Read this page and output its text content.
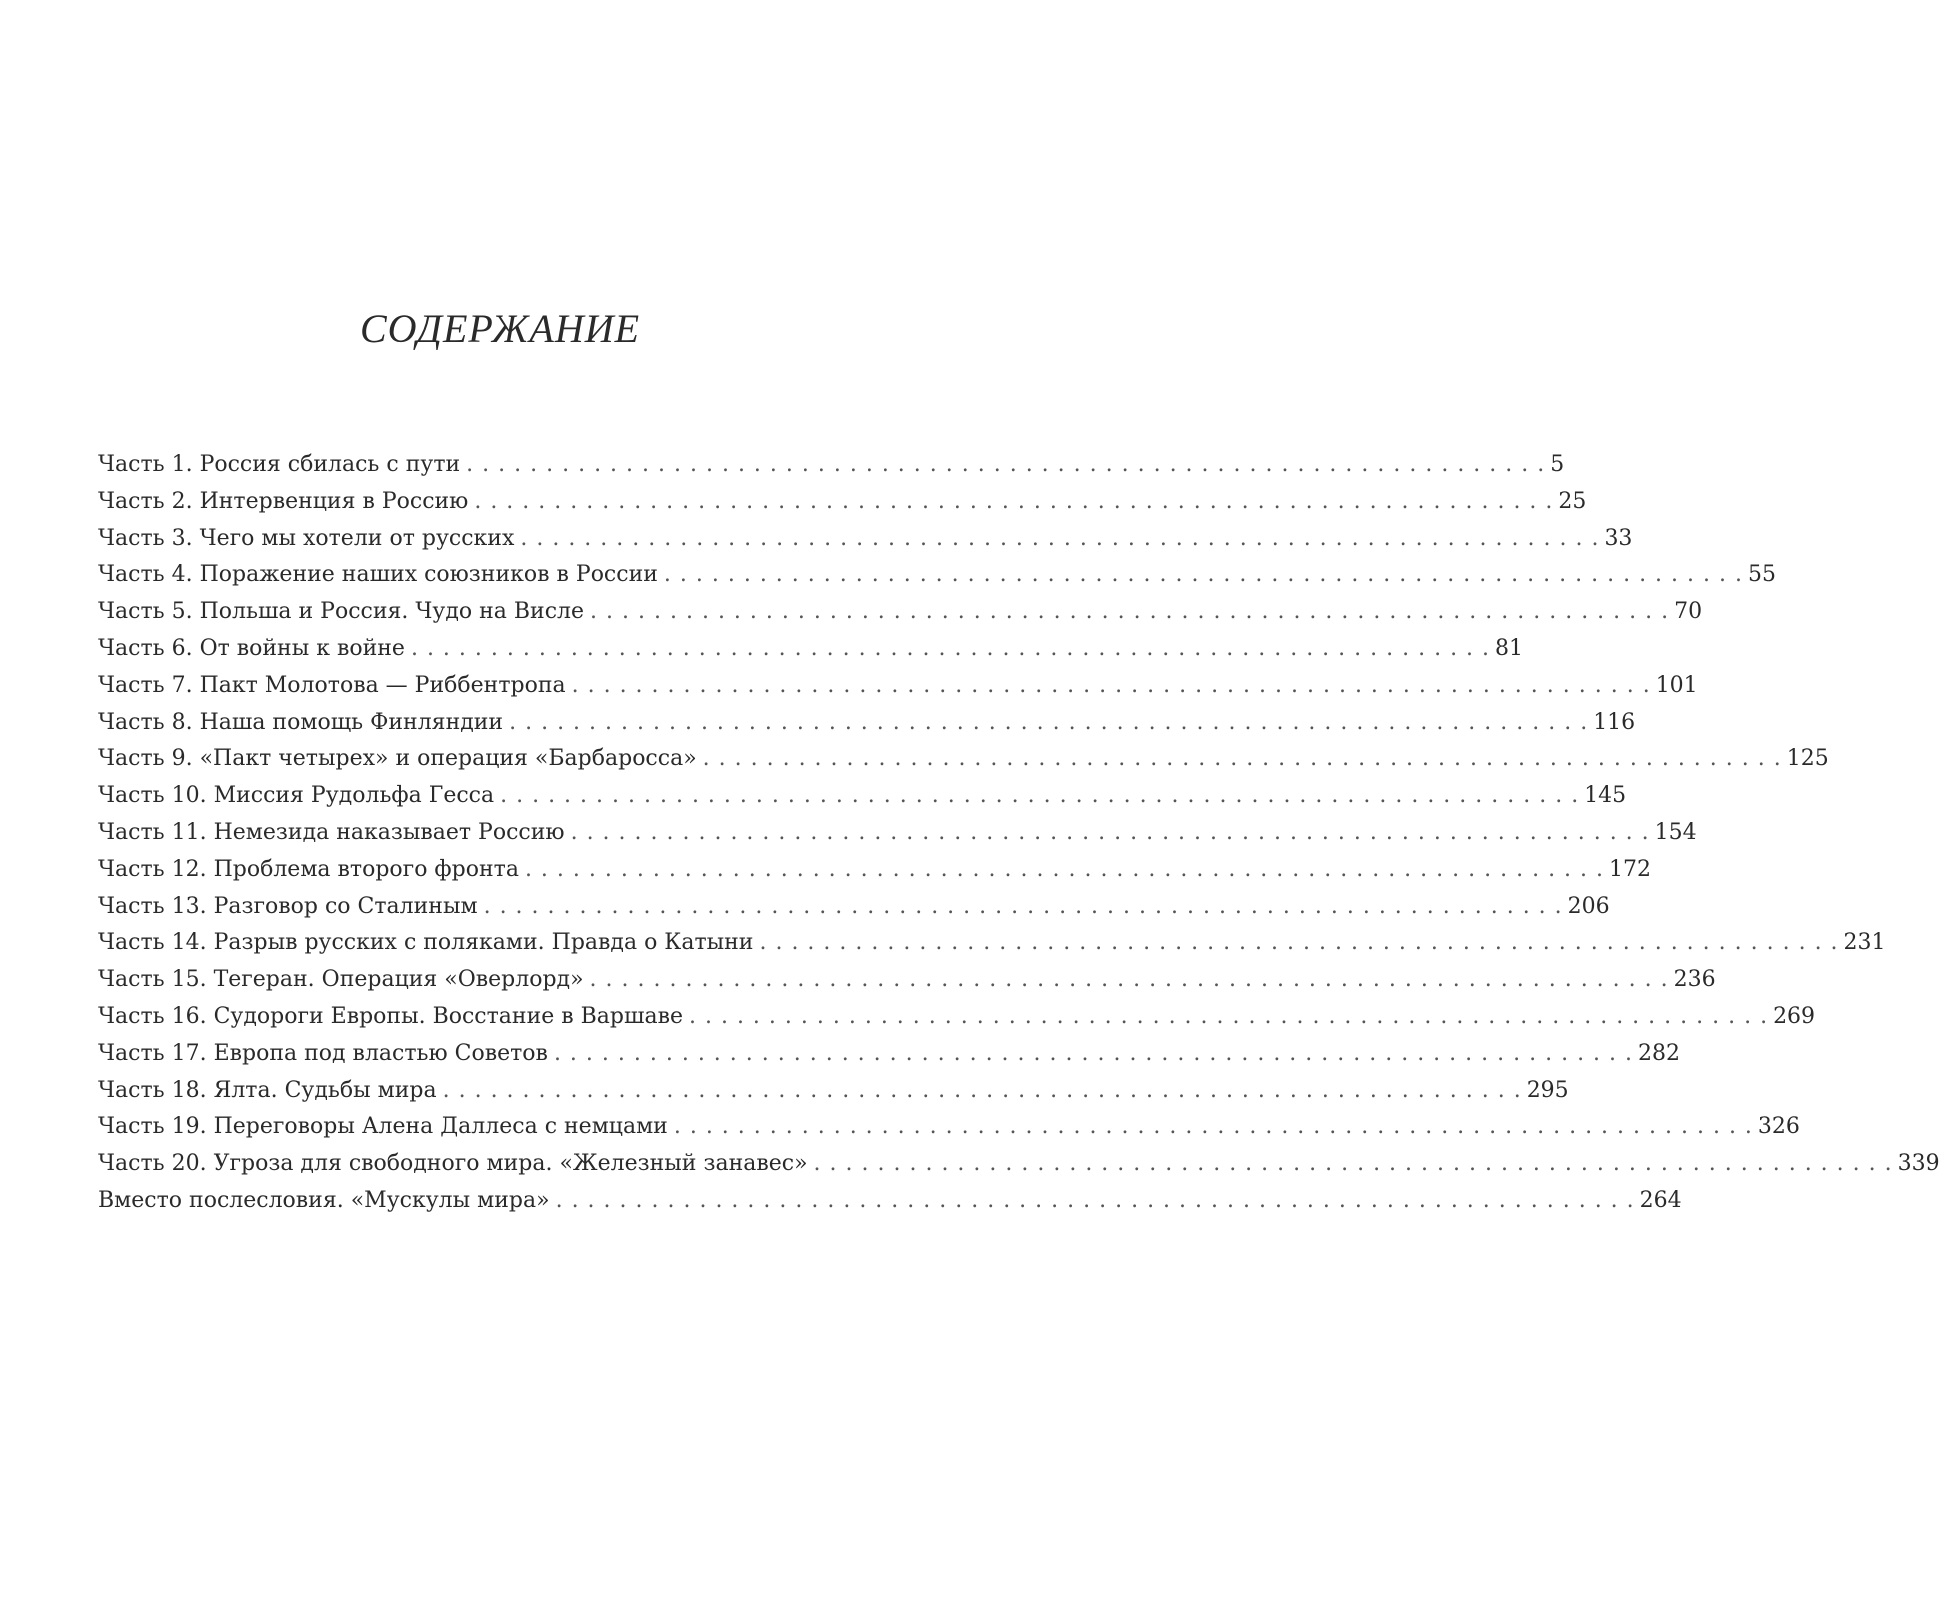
СОДЕРЖАНИЕ
Часть 1. Россия сбилась с пути . . .	5
Часть 2. Интервенция в Россию . . .	25
Часть 3. Чего мы хотели от русских . . .	33
Часть 4. Поражение наших союзников в России . . .	55
Часть 5. Польша и Россия. Чудо на Висле . . .	70
Часть 6. От войны к войне . . .	81
Часть 7. Пакт Молотова — Риббентропа . . .	101
Часть 8. Наша помощь Финляндии . . .	116
Часть 9. «Пакт четырех» и операция «Барбаросса» . . .	125
Часть 10. Миссия Рудольфа Гесса . . .	145
Часть 11. Немезида наказывает Россию . . .	154
Часть 12. Проблема второго фронта . . .	172
Часть 13. Разговор со Сталиным . . .	206
Часть 14. Разрыв русских с поляками. Правда о Катыни . . .	231
Часть 15. Тегеран. Операция «Оверлорд» . . .	236
Часть 16. Судороги Европы. Восстание в Варшаве . . .	269
Часть 17. Европа под властью Советов . . .	282
Часть 18. Ялта. Судьбы мира . . .	295
Часть 19. Переговоры Алена Даллеса с немцами . . .	326
Часть 20. Угроза для свободного мира. «Железный занавес» . . .	339
Вместо послесловия. «Мускулы мира» . . .	264
